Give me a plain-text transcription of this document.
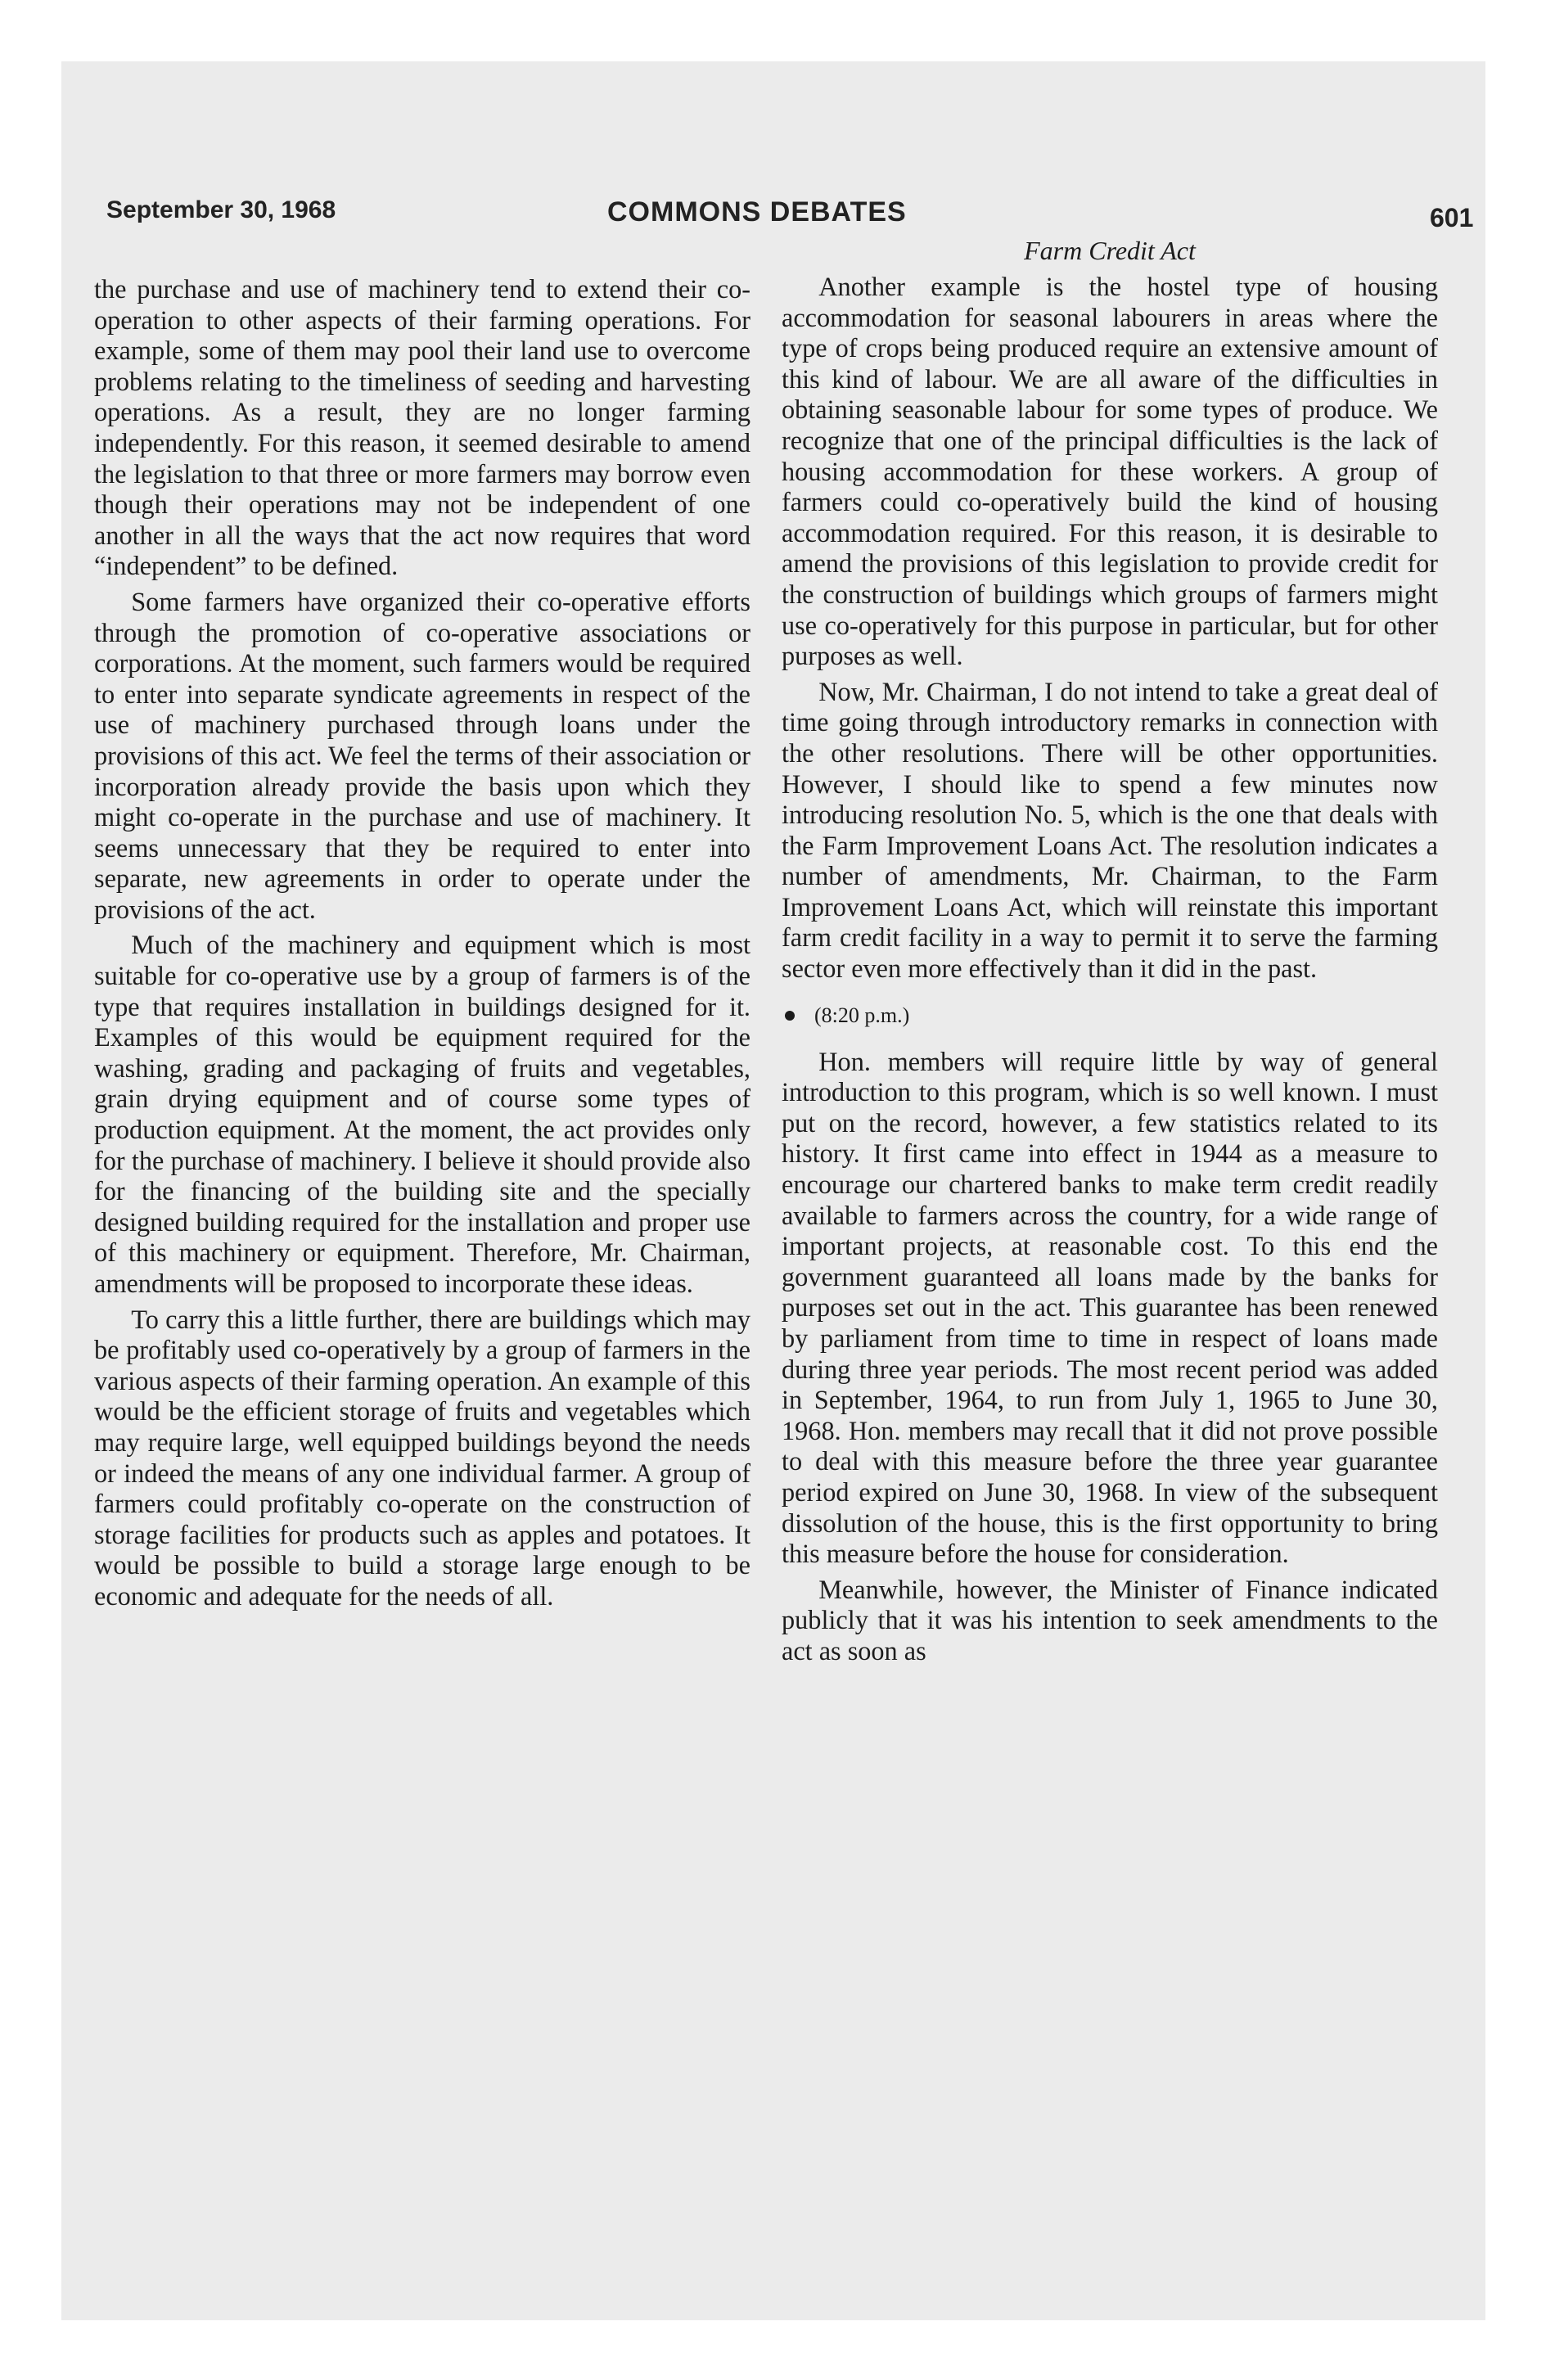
September 30, 1968	COMMONS DEBATES	601

the purchase and use of machinery tend to extend their co-operation to other aspects of their farming operations. For example, some of them may pool their land use to overcome problems relating to the timeliness of seeding and harvesting operations. As a result, they are no longer farming independently. For this reason, it seemed desirable to amend the legislation to that three or more farmers may borrow even though their operations may not be independent of one another in all the ways that the act now requires that word “independent” to be defined.

Some farmers have organized their co-operative efforts through the promotion of co-operative associations or corporations. At the moment, such farmers would be required to enter into separate syndicate agreements in respect of the use of machinery purchased through loans under the provisions of this act. We feel the terms of their association or incorporation already provide the basis upon which they might co-operate in the purchase and use of machinery. It seems unnecessary that they be required to enter into separate, new agreements in order to operate under the provisions of the act.

Much of the machinery and equipment which is most suitable for co-operative use by a group of farmers is of the type that requires installation in buildings designed for it. Examples of this would be equipment required for the washing, grading and packaging of fruits and vegetables, grain drying equipment and of course some types of production equipment. At the moment, the act provides only for the purchase of machinery. I believe it should provide also for the financing of the building site and the specially designed building required for the installation and proper use of this machinery or equipment. Therefore, Mr. Chairman, amendments will be proposed to incorporate these ideas.

To carry this a little further, there are buildings which may be profitably used co-operatively by a group of farmers in the various aspects of their farming operation. An example of this would be the efficient storage of fruits and vegetables which may require large, well equipped buildings beyond the needs or indeed the means of any one individual farmer. A group of farmers could profitably co-operate on the construction of storage facilities for products such as apples and potatoes. It would be possible to build a storage large enough to be economic and adequate for the needs of all.

Farm Credit Act

Another example is the hostel type of housing accommodation for seasonal labourers in areas where the type of crops being produced require an extensive amount of this kind of labour. We are all aware of the difficulties in obtaining seasonable labour for some types of produce. We recognize that one of the principal difficulties is the lack of housing accommodation for these workers. A group of farmers could co-operatively build the kind of housing accommodation required. For this reason, it is desirable to amend the provisions of this legislation to provide credit for the construction of buildings which groups of farmers might use co-operatively for this purpose in particular, but for other purposes as well.

Now, Mr. Chairman, I do not intend to take a great deal of time going through introductory remarks in connection with the other resolutions. There will be other opportunities. However, I should like to spend a few minutes now introducing resolution No. 5, which is the one that deals with the Farm Improvement Loans Act. The resolution indicates a number of amendments, Mr. Chairman, to the Farm Improvement Loans Act, which will reinstate this important farm credit facility in a way to permit it to serve the farming sector even more effectively than it did in the past.

(8:20 p.m.)

Hon. members will require little by way of general introduction to this program, which is so well known. I must put on the record, however, a few statistics related to its history. It first came into effect in 1944 as a measure to encourage our chartered banks to make term credit readily available to farmers across the country, for a wide range of important projects, at reasonable cost. To this end the government guaranteed all loans made by the banks for purposes set out in the act. This guarantee has been renewed by parliament from time to time in respect of loans made during three year periods. The most recent period was added in September, 1964, to run from July 1, 1965 to June 30, 1968. Hon. members may recall that it did not prove possible to deal with this measure before the three year guarantee period expired on June 30, 1968. In view of the subsequent dissolution of the house, this is the first opportunity to bring this measure before the house for consideration.

Meanwhile, however, the Minister of Finance indicated publicly that it was his intention to seek amendments to the act as soon as
